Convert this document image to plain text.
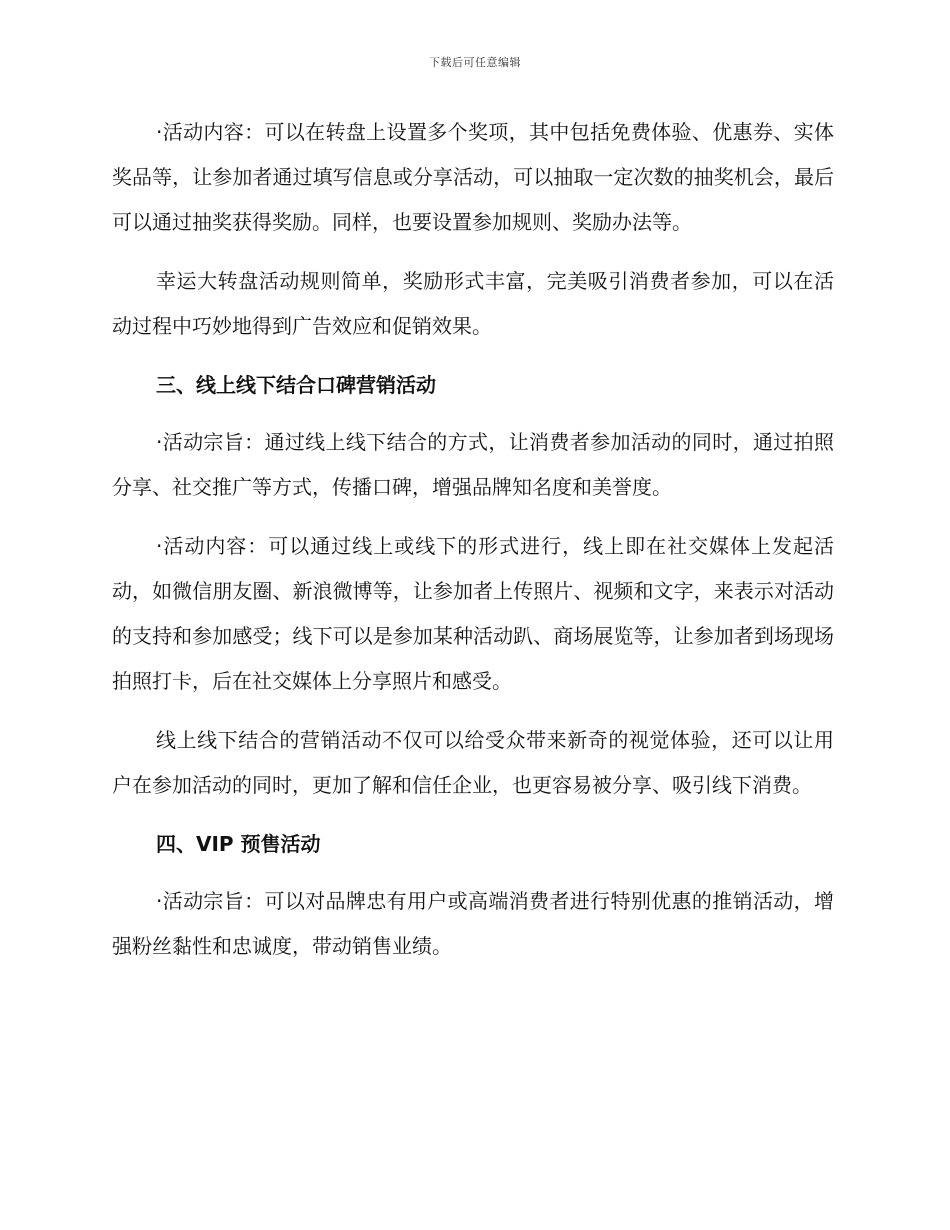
下载后可任意编辑

·活动内容：可以在转盘上设置多个奖项，其中包括免费体验、优惠券、实体奖品等，让参加者通过填写信息或分享活动，可以抽取一定次数的抽奖机会，最后可以通过抽奖获得奖励。同样，也要设置参加规则、奖励办法等。

幸运大转盘活动规则简单，奖励形式丰富，完美吸引消费者参加，可以在活动过程中巧妙地得到广告效应和促销效果。

三、线上线下结合口碑营销活动

·活动宗旨：通过线上线下结合的方式，让消费者参加活动的同时，通过拍照分享、社交推广等方式，传播口碑，增强品牌知名度和美誉度。

·活动内容：可以通过线上或线下的形式进行，线上即在社交媒体上发起活动，如微信朋友圈、新浪微博等，让参加者上传照片、视频和文字，来表示对活动的支持和参加感受；线下可以是参加某种活动趴、商场展览等，让参加者到场现场拍照打卡，后在社交媒体上分享照片和感受。

线上线下结合的营销活动不仅可以给受众带来新奇的视觉体验，还可以让用户在参加活动的同时，更加了解和信任企业，也更容易被分享、吸引线下消费。

四、VIP 预售活动

·活动宗旨：可以对品牌忠有用户或高端消费者进行特别优惠的推销活动，增强粉丝黏性和忠诚度，带动销售业绩。
